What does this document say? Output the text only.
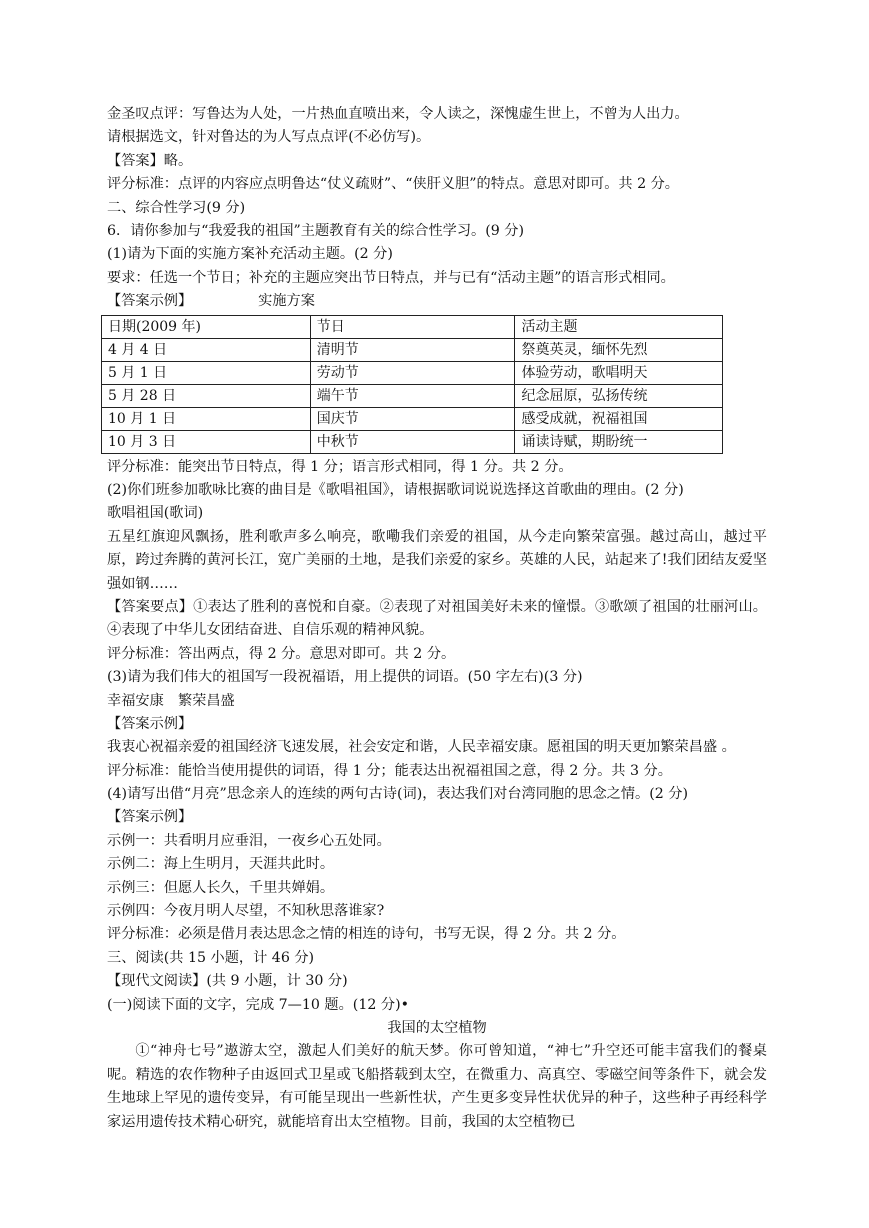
金圣叹点评：写鲁达为人处，一片热血直喷出来，令人读之，深愧虚生世上，不曾为人出力。
请根据选文，针对鲁达的为人写点点评(不必仿写)。
【答案】略。
评分标准：点评的内容应点明鲁达“仗义疏财”、“侠肝义胆”的特点。意思对即可。共 2 分。
二、综合性学习(9 分)
6．请你参加与“我爱我的祖国”主题教育有关的综合性学习。(9 分)
(1)请为下面的实施方案补充活动主题。(2 分)
要求：任选一个节日；补充的主题应突出节日特点，并与已有“活动主题”的语言形式相同。
【答案示例】	实施方案
日期(2009 年)	节日	活动主题
4 月 4 日	清明节	祭奠英灵，缅怀先烈
5 月 1 日	劳动节	体验劳动，歌唱明天
5 月 28 日	端午节	纪念屈原，弘扬传统
10 月 1 日	国庆节	感受成就，祝福祖国
10 月 3 日	中秋节	诵读诗赋，期盼统一
评分标准：能突出节日特点，得 1 分；语言形式相同，得 1 分。共 2 分。
(2)你们班参加歌咏比赛的曲目是《歌唱祖国》，请根据歌词说说选择这首歌曲的理由。(2 分)
歌唱祖国(歌词)
五星红旗迎风飘扬，胜利歌声多么响亮，歌嘞我们亲爱的祖国，从今走向繁荣富强。越过高山，越过平原，跨过奔腾的黄河长江，宽广美丽的土地，是我们亲爱的家乡。英雄的人民，站起来了!我们团结友爱坚强如钢……
【答案要点】①表达了胜利的喜悦和自豪。②表现了对祖国美好未来的憧憬。③歌颂了祖国的壮丽河山。④表现了中华儿女团结奋进、自信乐观的精神风貌。
评分标准：答出两点，得 2 分。意思对即可。共 2 分。
(3)请为我们伟大的祖国写一段祝福语，用上提供的词语。(50 字左右)(3 分)
幸福安康　繁荣昌盛
【答案示例】
我衷心祝福亲爱的祖国经济飞速发展，社会安定和谐，人民幸福安康。愿祖国的明天更加繁荣昌盛 。
评分标准：能恰当使用提供的词语，得 1 分；能表达出祝福祖国之意，得 2 分。共 3 分。
(4)请写出借“月亮”思念亲人的连续的两句古诗(词)，表达我们对台湾同胞的思念之情。(2 分)
【答案示例】
示例一：共看明月应垂泪，一夜乡心五处同。
示例二：海上生明月，天涯共此时。
示例三：但愿人长久，千里共婵娟。
示例四：今夜月明人尽望，不知秋思落谁家?
评分标准：必须是借月表达思念之情的相连的诗句，书写无误，得 2 分。共 2 分。
三、阅读(共 15 小题，计 46 分)
【现代文阅读】(共 9 小题，计 30 分)
(一)阅读下面的文字，完成 7—10 题。(12 分)•
我国的太空植物
①“神舟七号”遨游太空，激起人们美好的航天梦。你可曾知道，“神七”升空还可能丰富我们的餐桌呢。精选的农作物种子由返回式卫星或飞船搭载到太空，在微重力、高真空、零磁空间等条件下，就会发生地球上罕见的遗传变异，有可能呈现出一些新性状，产生更多变异性状优异的种子，这些种子再经科学家运用遗传技术精心研究，就能培育出太空植物。目前，我国的太空植物已
